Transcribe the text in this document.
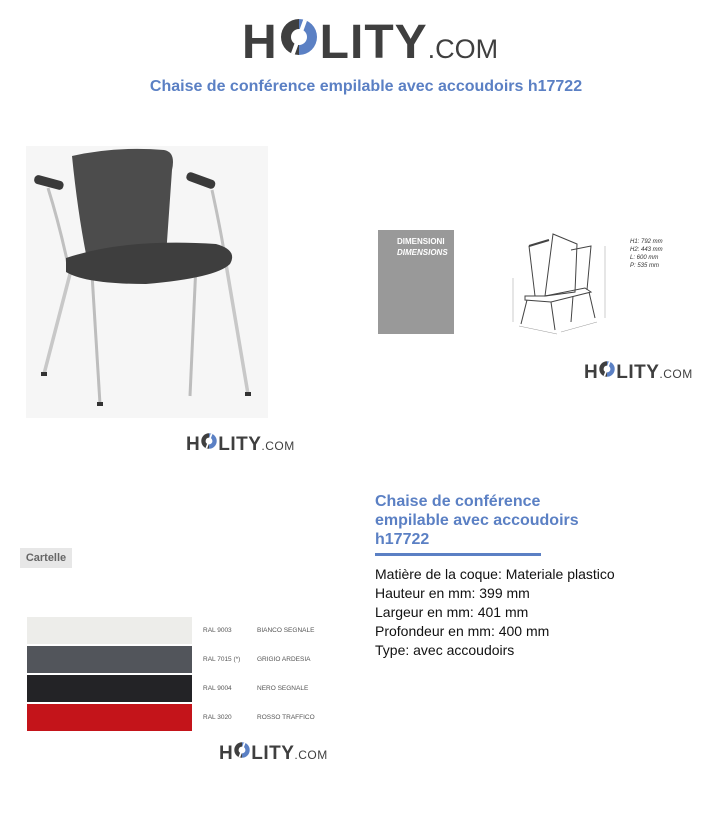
H LITY .COM
Chaise de conférence empilable avec accoudoirs h17722
DIMENSIONI
DIMENSIONS
H1: 792 mm
H2: 443 mm
L: 600 mm
P: 535 mm
H LITY .COM
H LITY .COM
Cartelle
RAL 9003	BIANCO SEGNALE
RAL 7015 (*)	GRIGIO ARDESIA
RAL 9004	NERO SEGNALE
RAL 3020	ROSSO TRAFFICO
H LITY .COM
Chaise de conférence empilable avec accoudoirs h17722
Matière de la coque: Materiale plastico
Hauteur en mm: 399 mm
Largeur en mm: 401 mm
Profondeur en mm: 400 mm
Type: avec accoudoirs
